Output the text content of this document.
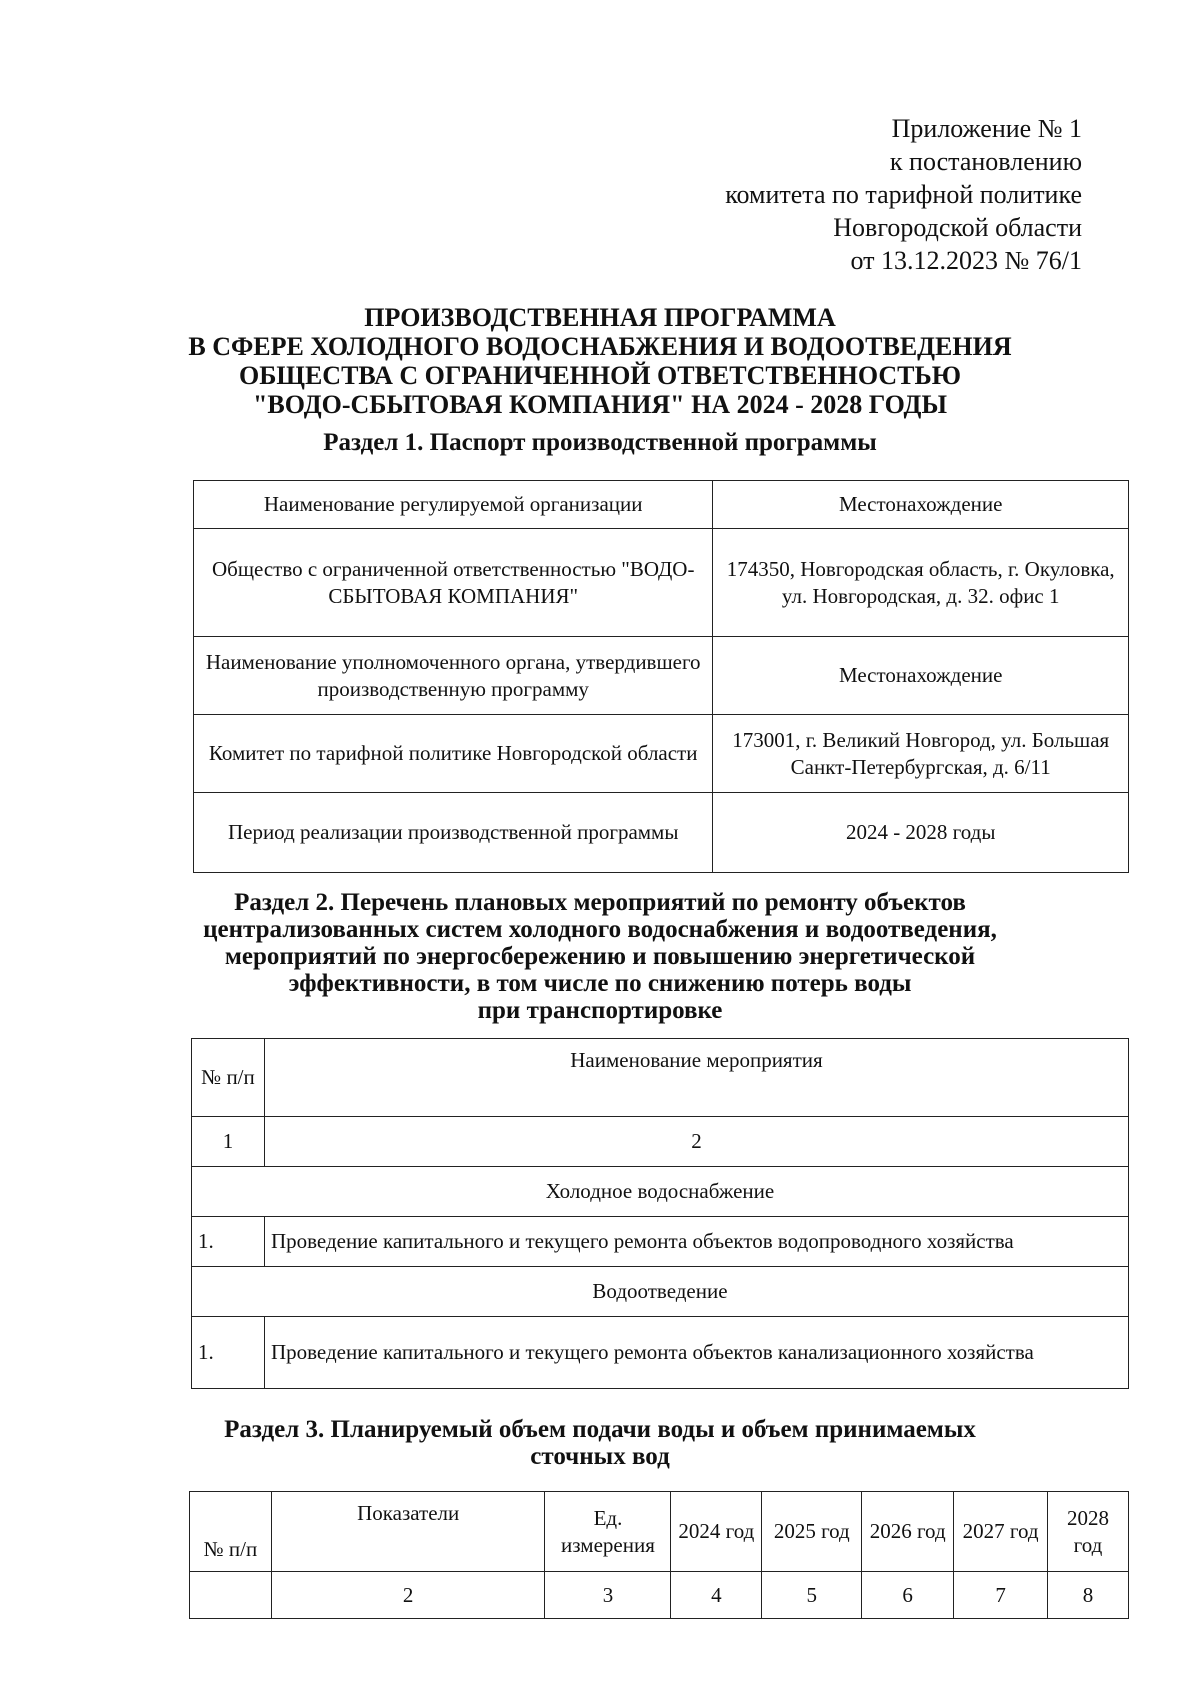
Приложение № 1
к постановлению
комитета по тарифной политике
Новгородской области
от 13.12.2023 № 76/1
ПРОИЗВОДСТВЕННАЯ ПРОГРАММА
В СФЕРЕ ХОЛОДНОГО ВОДОСНАБЖЕНИЯ И ВОДООТВЕДЕНИЯ
ОБЩЕСТВА С ОГРАНИЧЕННОЙ ОТВЕТСТВЕННОСТЬЮ
"ВОДО-СБЫТОВАЯ КОМПАНИЯ" НА 2024 - 2028 ГОДЫ
Раздел 1. Паспорт производственной программы
Наименование регулируемой организации	Местонахождение
Общество с ограниченной ответственностью "ВОДО-СБЫТОВАЯ КОМПАНИЯ"	174350, Новгородская область, г. Окуловка, ул. Новгородская, д. 32. офис 1
Наименование уполномоченного органа, утвердившего производственную программу	Местонахождение
Комитет по тарифной политике Новгородской области	173001, г. Великий Новгород, ул. Большая Санкт-Петербургская, д. 6/11
Период реализации производственной программы	2024 - 2028 годы
Раздел 2. Перечень плановых мероприятий по ремонту объектов
централизованных систем холодного водоснабжения и водоотведения,
мероприятий по энергосбережению и повышению энергетической
эффективности, в том числе по снижению потерь воды
при транспортировке
№ п/п	Наименование мероприятия
1	2
Холодное водоснабжение	
1.	Проведение капитального и текущего ремонта объектов водопроводного хозяйства
Водоотведение	
1.	Проведение капитального и текущего ремонта объектов канализационного хозяйства
Раздел 3. Планируемый объем подачи воды и объем принимаемых
сточных вод
№ п/п	Показатели	Ед. измерения	2024 год	2025 год	2026 год	2027 год	2028 год
	2	3	4	5	6	7	8
